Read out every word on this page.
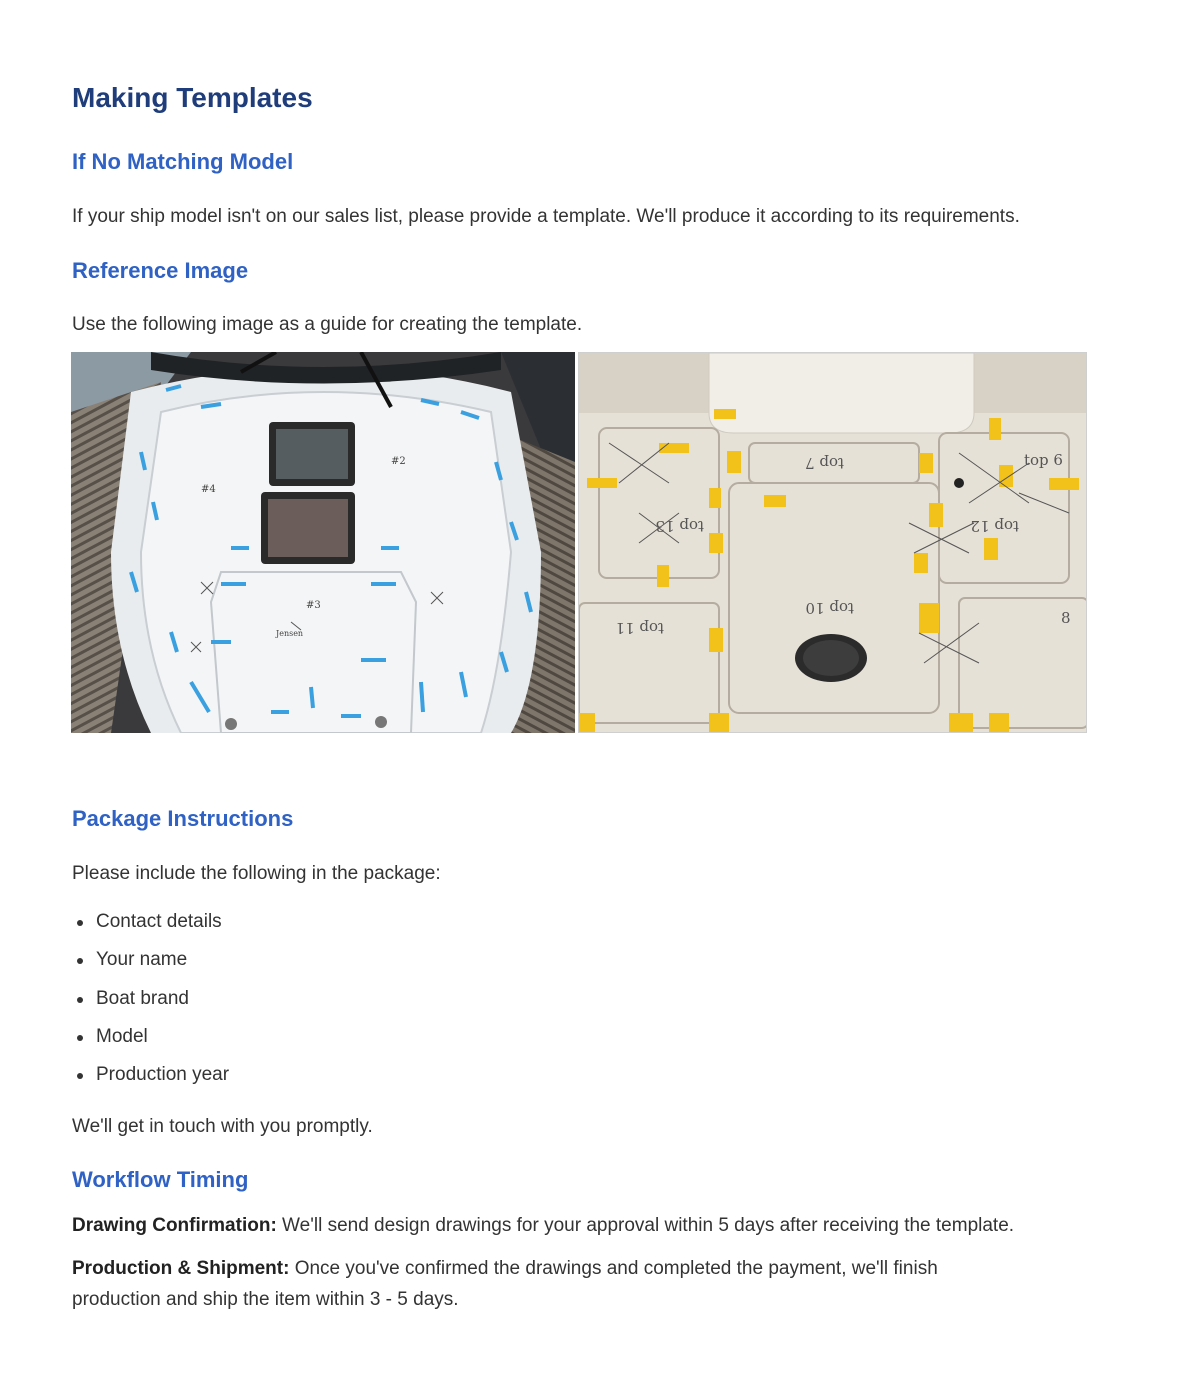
Making Templates
If No Matching Model

If your ship model isn't on our sales list, please provide a template. We'll produce it according to its requirements.

Reference Image

Use the following image as a guide for creating the template.

#4
#2
#3
Jensen
top 7	top 6
top 13	top 12
top 10
top 11
8
Package Instructions

Please include the following in the package:

Contact details
Your name
Boat brand
Model
Production year

We'll get in touch with you promptly.

Workflow Timing

Drawing Confirmation: We'll send design drawings for your approval within 5 days after receiving the template.

Production & Shipment: Once you've confirmed the drawings and completed the payment, we'll finish production and ship the item within 3 - 5 days.
